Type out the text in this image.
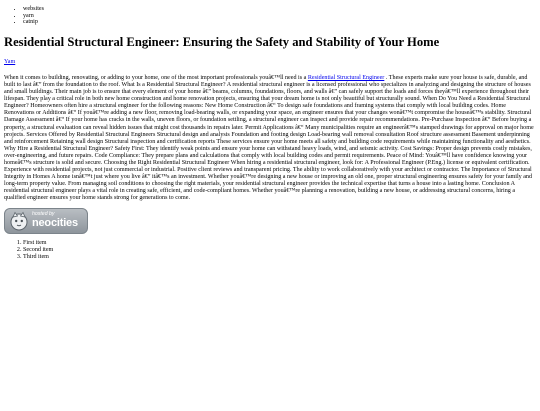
• websites
• yarn
• catnip
Residential Structural Engineer: Ensuring the Safety and Stability of Your Home
Yam

When it comes to building, renovating, or adding to your home, one of the most important professionals youâ€™ll need is a Residential Structural Engineer . These experts make sure your house is safe, durable, and built to last â€” from the foundation to the roof. What Is a Residential Structural Engineer? A residential structural engineer is a licensed professional who specializes in analyzing and designing the structure of houses and small buildings. Their main job is to ensure that every element of your home â€” beams, columns, foundations, floors, and walls â€” can safely support the loads and forces theyâ€™ll experience throughout their lifespan. They play a critical role in both new home construction and home renovation projects, ensuring that your dream home is not only beautiful but structurally sound. When Do You Need a Residential Structural Engineer? Homeowners often hire a structural engineer for the following reasons: New Home Construction â€“ To design safe foundations and framing systems that comply with local building codes. Home Renovations or Additions â€“ If youâ€™re adding a new floor, removing load-bearing walls, or expanding your space, an engineer ensures that your changes wonâ€™t compromise the houseâ€™s stability. Structural Damage Assessment â€“ If your home has cracks in the walls, uneven floors, or foundation settling, a structural engineer can inspect and provide repair recommendations. Pre-Purchase Inspection â€“ Before buying a property, a structural evaluation can reveal hidden issues that might cost thousands in repairs later. Permit Applications â€“ Many municipalities require an engineerâ€™s stamped drawings for approval on major home projects. Services Offered by Residential Structural Engineers Structural design and analysis Foundation and footing design Load-bearing wall removal consultation Roof structure assessment Basement underpinning and reinforcement Retaining wall design Structural inspection and certification reports These services ensure your home meets all safety and building code requirements while maintaining functionality and aesthetics. Why Hire a Residential Structural Engineer? Safety First: They identify weak points and ensure your home can withstand heavy loads, wind, and seismic activity. Cost Savings: Proper design prevents costly mistakes, over-engineering, and future repairs. Code Compliance: They prepare plans and calculations that comply with local building codes and permit requirements. Peace of Mind: Youâ€™ll have confidence knowing your homeâ€™s structure is solid and secure. Choosing the Right Residential Structural Engineer When hiring a residential structural engineer, look for: A Professional Engineer (P.Eng.) license or equivalent certification. Experience with residential projects, not just commercial or industrial. Positive client reviews and transparent pricing. The ability to work collaboratively with your architect or contractor. The Importance of Structural Integrity in Homes A home isnâ€™t just where you live â€” itâ€™s an investment. Whether youâ€™re designing a new house or improving an old one, proper structural engineering ensures safety for your family and long-term property value. From managing soil conditions to choosing the right materials, your residential structural engineer provides the technical expertise that turns a house into a lasting home. Conclusion A residential structural engineer plays a vital role in creating safe, efficient, and code-compliant homes. Whether youâ€™re planning a renovation, building a new house, or addressing structural concerns, hiring a qualified engineer ensures your home stands strong for generations to come.

hosted by
neocities
1. First item
2. Second item
3. Third item
